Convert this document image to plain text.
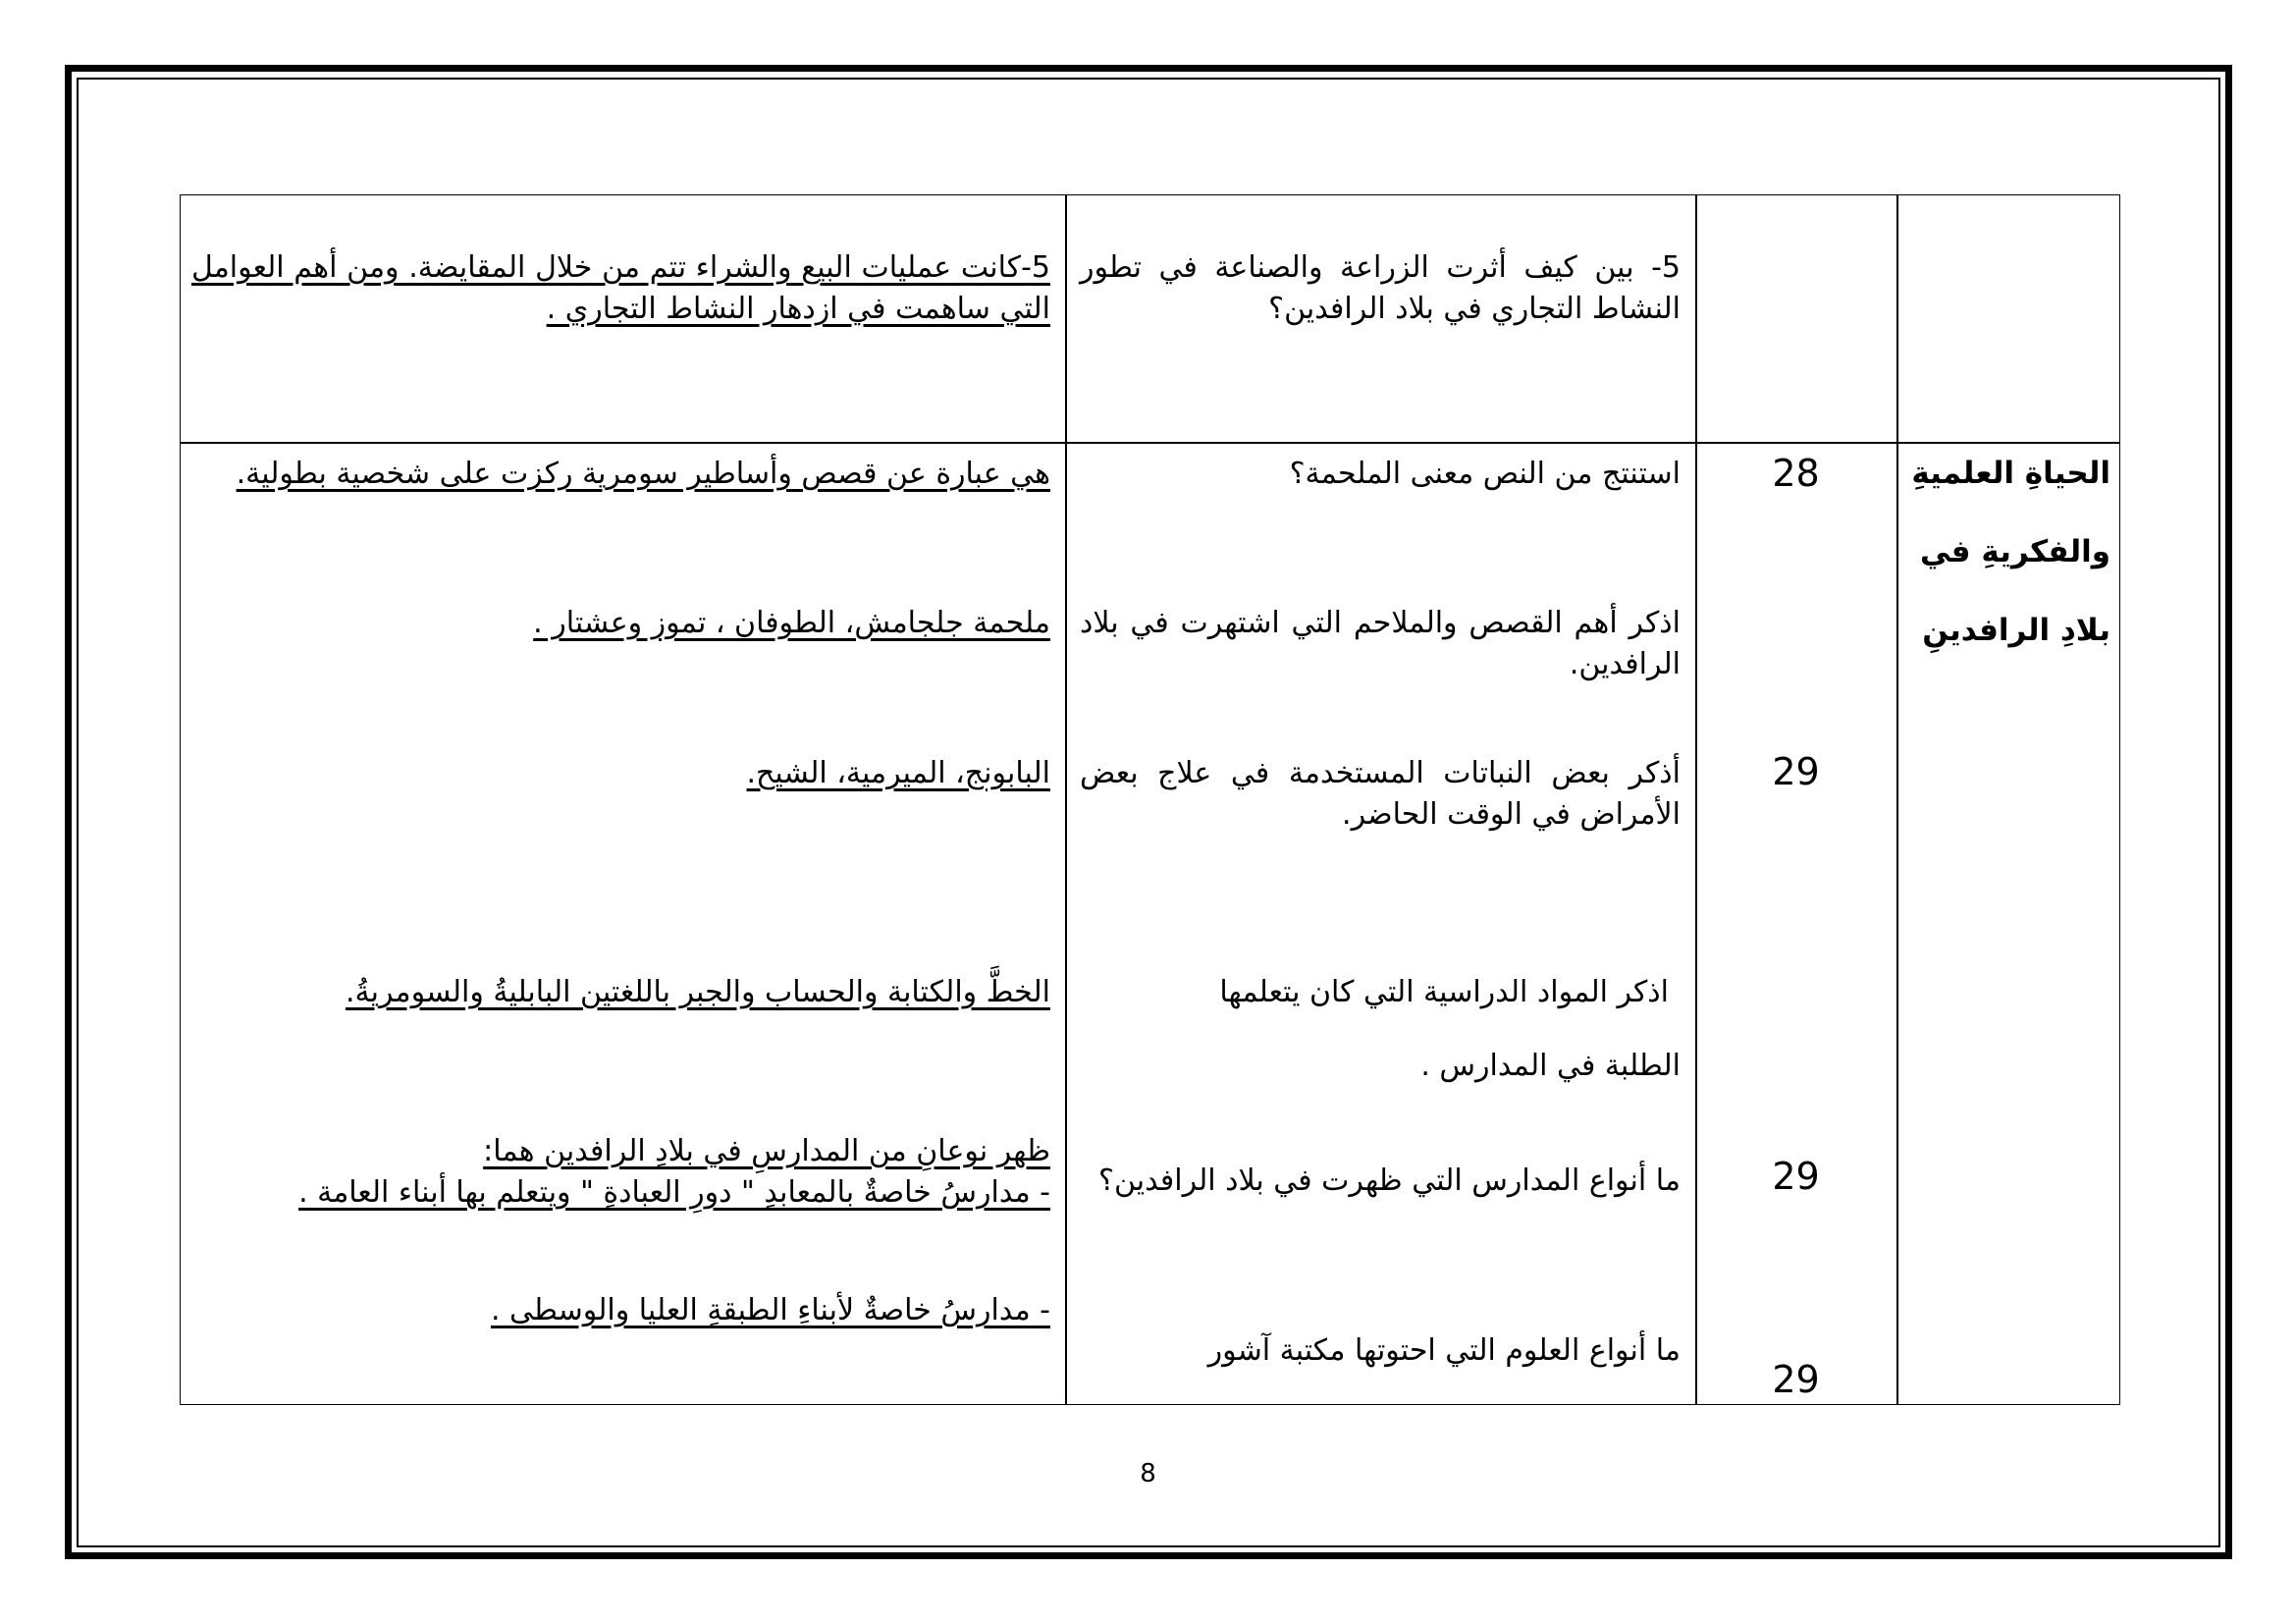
الحياةِ العلميةِ
والفكريةِ في
بلادِ الرافدينِ
28
29
29
29
5- بين كيف أثرت الزراعة والصناعة في تطور النشاط التجاري في بلاد الرافدين؟
5-كانت عمليات البيع والشراء تتم من خلال المقايضة. ومن أهم العوامل التي ساهمت في ازدهار النشاط التجاري .
استنتج من النص معنى الملحمة؟
هي عبارة عن قصص وأساطير سومرية ركزت على شخصية بطولية.
اذكر أهم القصص والملاحم التي اشتهرت في بلاد الرافدين.
ملحمة جلجامش، الطوفان ، تموز وعشتار .
أذكر بعض النباتات المستخدمة في علاج بعض الأمراض في الوقت الحاضر.
البابونج، الميرمية، الشيح.
اذكر المواد الدراسية التي كان يتعلمها
الطلبة في المدارس .
الخطَّ والكتابة والحساب والجبر باللغتين البابليةُ والسومريةُ.
ما أنواع المدارس التي ظهرت في بلاد الرافدين؟
ظهر نوعانِ من المدارسِ في بلادِ الرافدين هما:
- مدارسُ خاصةٌ بالمعابدِ " دورِ العبادةِ " ويتعلم بها أبناء العامة .
- مدارسُ خاصةٌ لأبناءِ الطبقةِ العليا والوسطى .
ما أنواع العلوم التي احتوتها مكتبة آشور
8
